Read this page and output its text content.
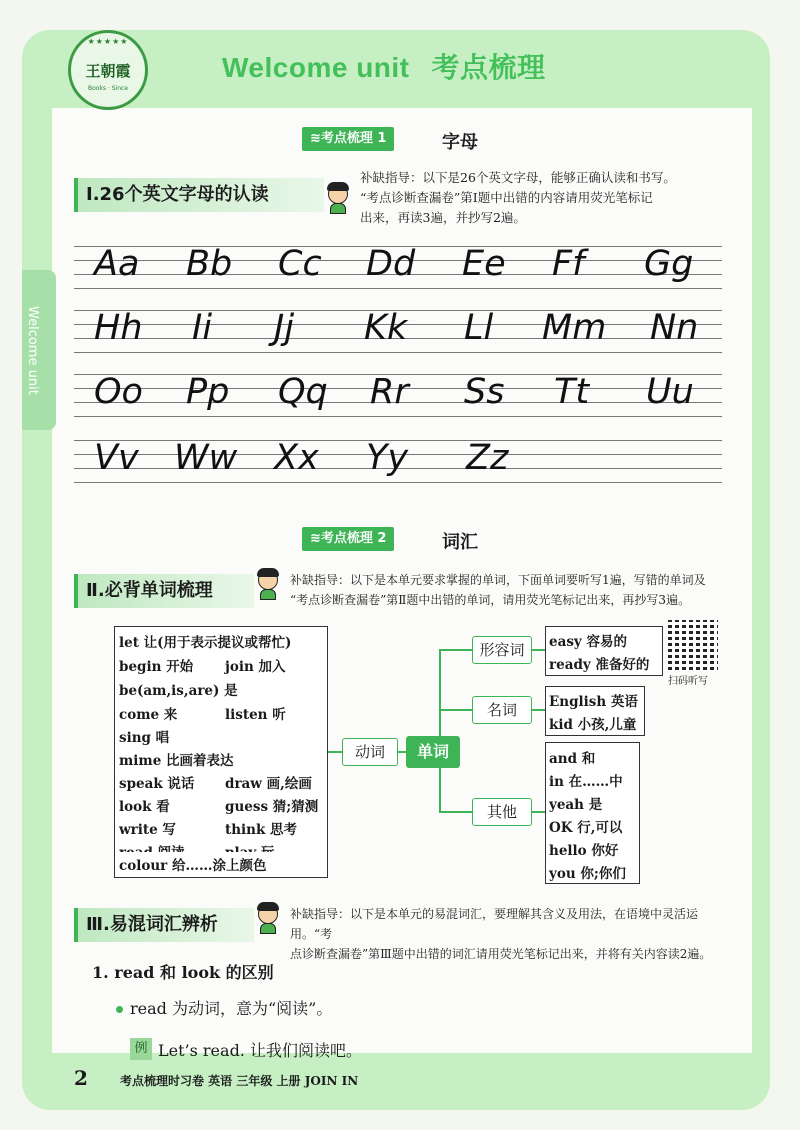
★★★★★
王朝霞
Books · Since
Welcome unit 考点梳理
Welcome unit
≋考点梳理 1	字母
Ⅰ.26个英文字母的认读
补缺指导：以下是26个英文字母，能够正确认读和书写。
“考点诊断查漏卷”第Ⅰ题中出错的内容请用荧光笔标记
出来，再读3遍，并抄写2遍。
Aa Bb Cc Dd Ee Ff Gg
Hh Ii Jj Kk Ll Mm Nn
Oo Pp Qq Rr Ss Tt Uu
Vv Ww Xx Yy Zz
≋考点梳理 2	词汇
Ⅱ.必背单词梳理	补缺指导：以下是本单元要求掌握的单词，下面单词要听写1遍，写错的单词及
“考点诊断查漏卷”第Ⅱ题中出错的单词，请用荧光笔标记出来，再抄写3遍。
let 让(用于表示提议或帮忙)
begin 开始 join 加入
be(am,is,are) 是
come 来	listen 听
sing 唱
mime 比画着表达
speak 说话 draw 画,绘画
look 看	guess 猜;猜测
write 写	think 思考
colour 给……涂上颜色
动词	单词
形容词
名词
其他
easy 容易的
ready 准备好的
English 英语
kid 小孩,儿童
and 和
in 在……中
yeah 是
OK 行,可以
hello 你好
you 你;你们
扫码听写
Ⅲ.易混词汇辨析	补缺指导：以下是本单元的易混词汇，要理解其含义及用法，在语境中灵活运用。“考
点诊断查漏卷”第Ⅲ题中出错的词汇请用荧光笔标记出来，并将有关内容读2遍。
1. read 和 look 的区别
read 为动词，意为“阅读”。
例 Let’s read. 让我们阅读吧。
2	考点梳理时习卷 英语 三年级 上册 JOIN IN
